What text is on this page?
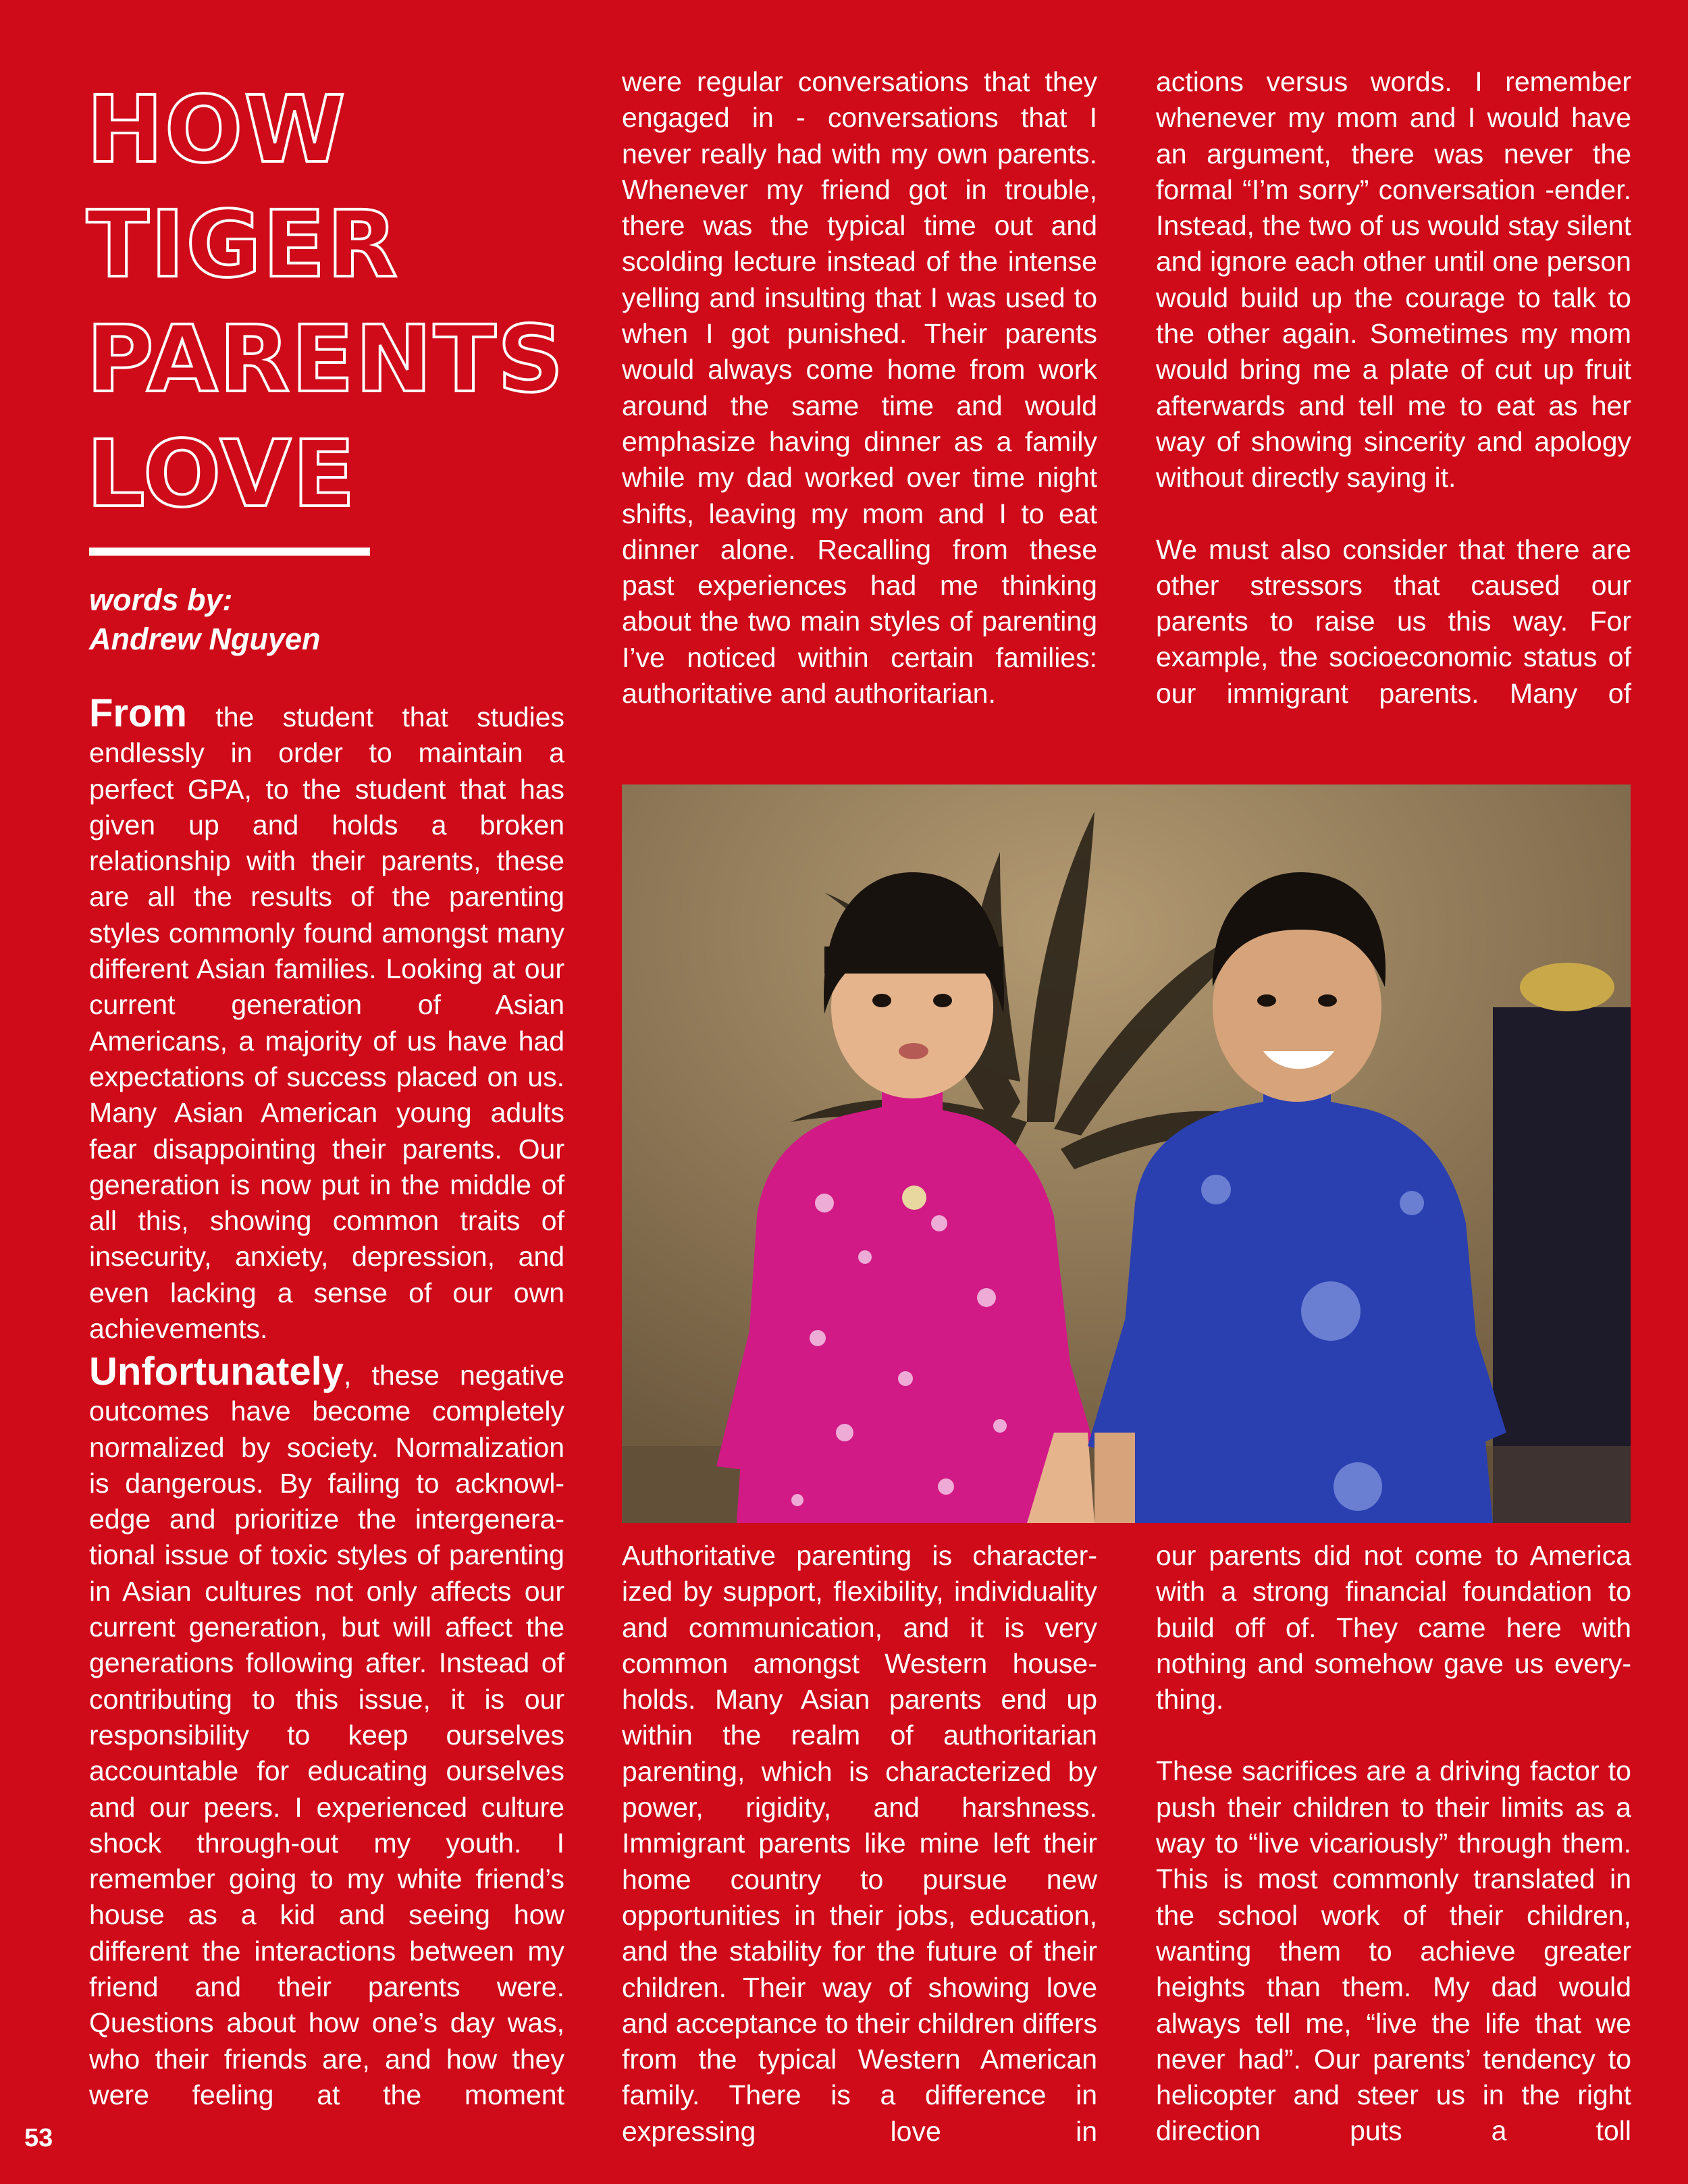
HOW
TIGER
PARENTS
LOVE
words by:
Andrew Nguyen

From the student that studies endlessly in order to maintain a perfect GPA, to the student that has given up and holds a broken relationship with their parents, these are all the results of the parenting styles commonly found amongst many different Asian families. Looking at our current generation of Asian Americans, a majority of us have had expectations of success placed on us. Many Asian American young adults fear disappointing their parents. Our generation is now put in the middle of all this, showing common traits of insecurity, anxiety, depression, and even lacking a sense of our own achievements.

Unfortunately, these negative outcomes have become completely normalized by society. Normalization is dangerous. By failing to acknowl-edge and prioritize the intergenera-tional issue of toxic styles of parenting in Asian cultures not only affects our current generation, but will affect the generations following after. Instead of contributing to this issue, it is our responsibility to keep ourselves accountable for educating ourselves and our peers. I experienced culture shock through-out my youth. I remember going to my white friend’s house as a kid and seeing how different the interactions between my friend and their parents were. Questions about how one’s day was, who their friends are, and how they were feeling at the moment

were regular conversations that they engaged in - conversations that I never really had with my own parents. Whenever my friend got in trouble, there was the typical time out and scolding lecture instead of the intense yelling and insulting that I was used to when I got punished. Their parents would always come home from work around the same time and would emphasize having dinner as a family while my dad worked over time night shifts, leaving my mom and I to eat dinner alone. Recalling from these past experiences had me thinking about the two main styles of parenting I’ve noticed within certain families: authoritative and authoritarian.

actions versus words. I remember whenever my mom and I would have an argument, there was never the formal “I’m sorry” conversation -ender. Instead, the two of us would stay silent and ignore each other until one person would build up the courage to talk to the other again. Sometimes my mom would bring me a plate of cut up fruit afterwards and tell me to eat as her way of showing sincerity and apology without directly saying it.

We must also consider that there are other stressors that caused our parents to raise us this way. For example, the socioeconomic status of our immigrant parents. Many of

Authoritative parenting is character-ized by support, flexibility, individuality and communication, and it is very common amongst Western house-holds. Many Asian parents end up within the realm of authoritarian parenting, which is characterized by power, rigidity, and harshness. Immigrant parents like mine left their home country to pursue new opportunities in their jobs, education, and the stability for the future of their children. Their way of showing love and acceptance to their children differs from the typical Western American family. There is a difference in expressing love in

our parents did not come to America with a strong financial foundation to build off of. They came here with nothing and somehow gave us every-thing.

These sacrifices are a driving factor to push their children to their limits as a way to “live vicariously” through them. This is most commonly translated in the school work of their children, wanting them to achieve greater heights than them. My dad would always tell me, “live the life that we never had”. Our parents’ tendency to helicopter and steer us in the right direction puts a toll

53
